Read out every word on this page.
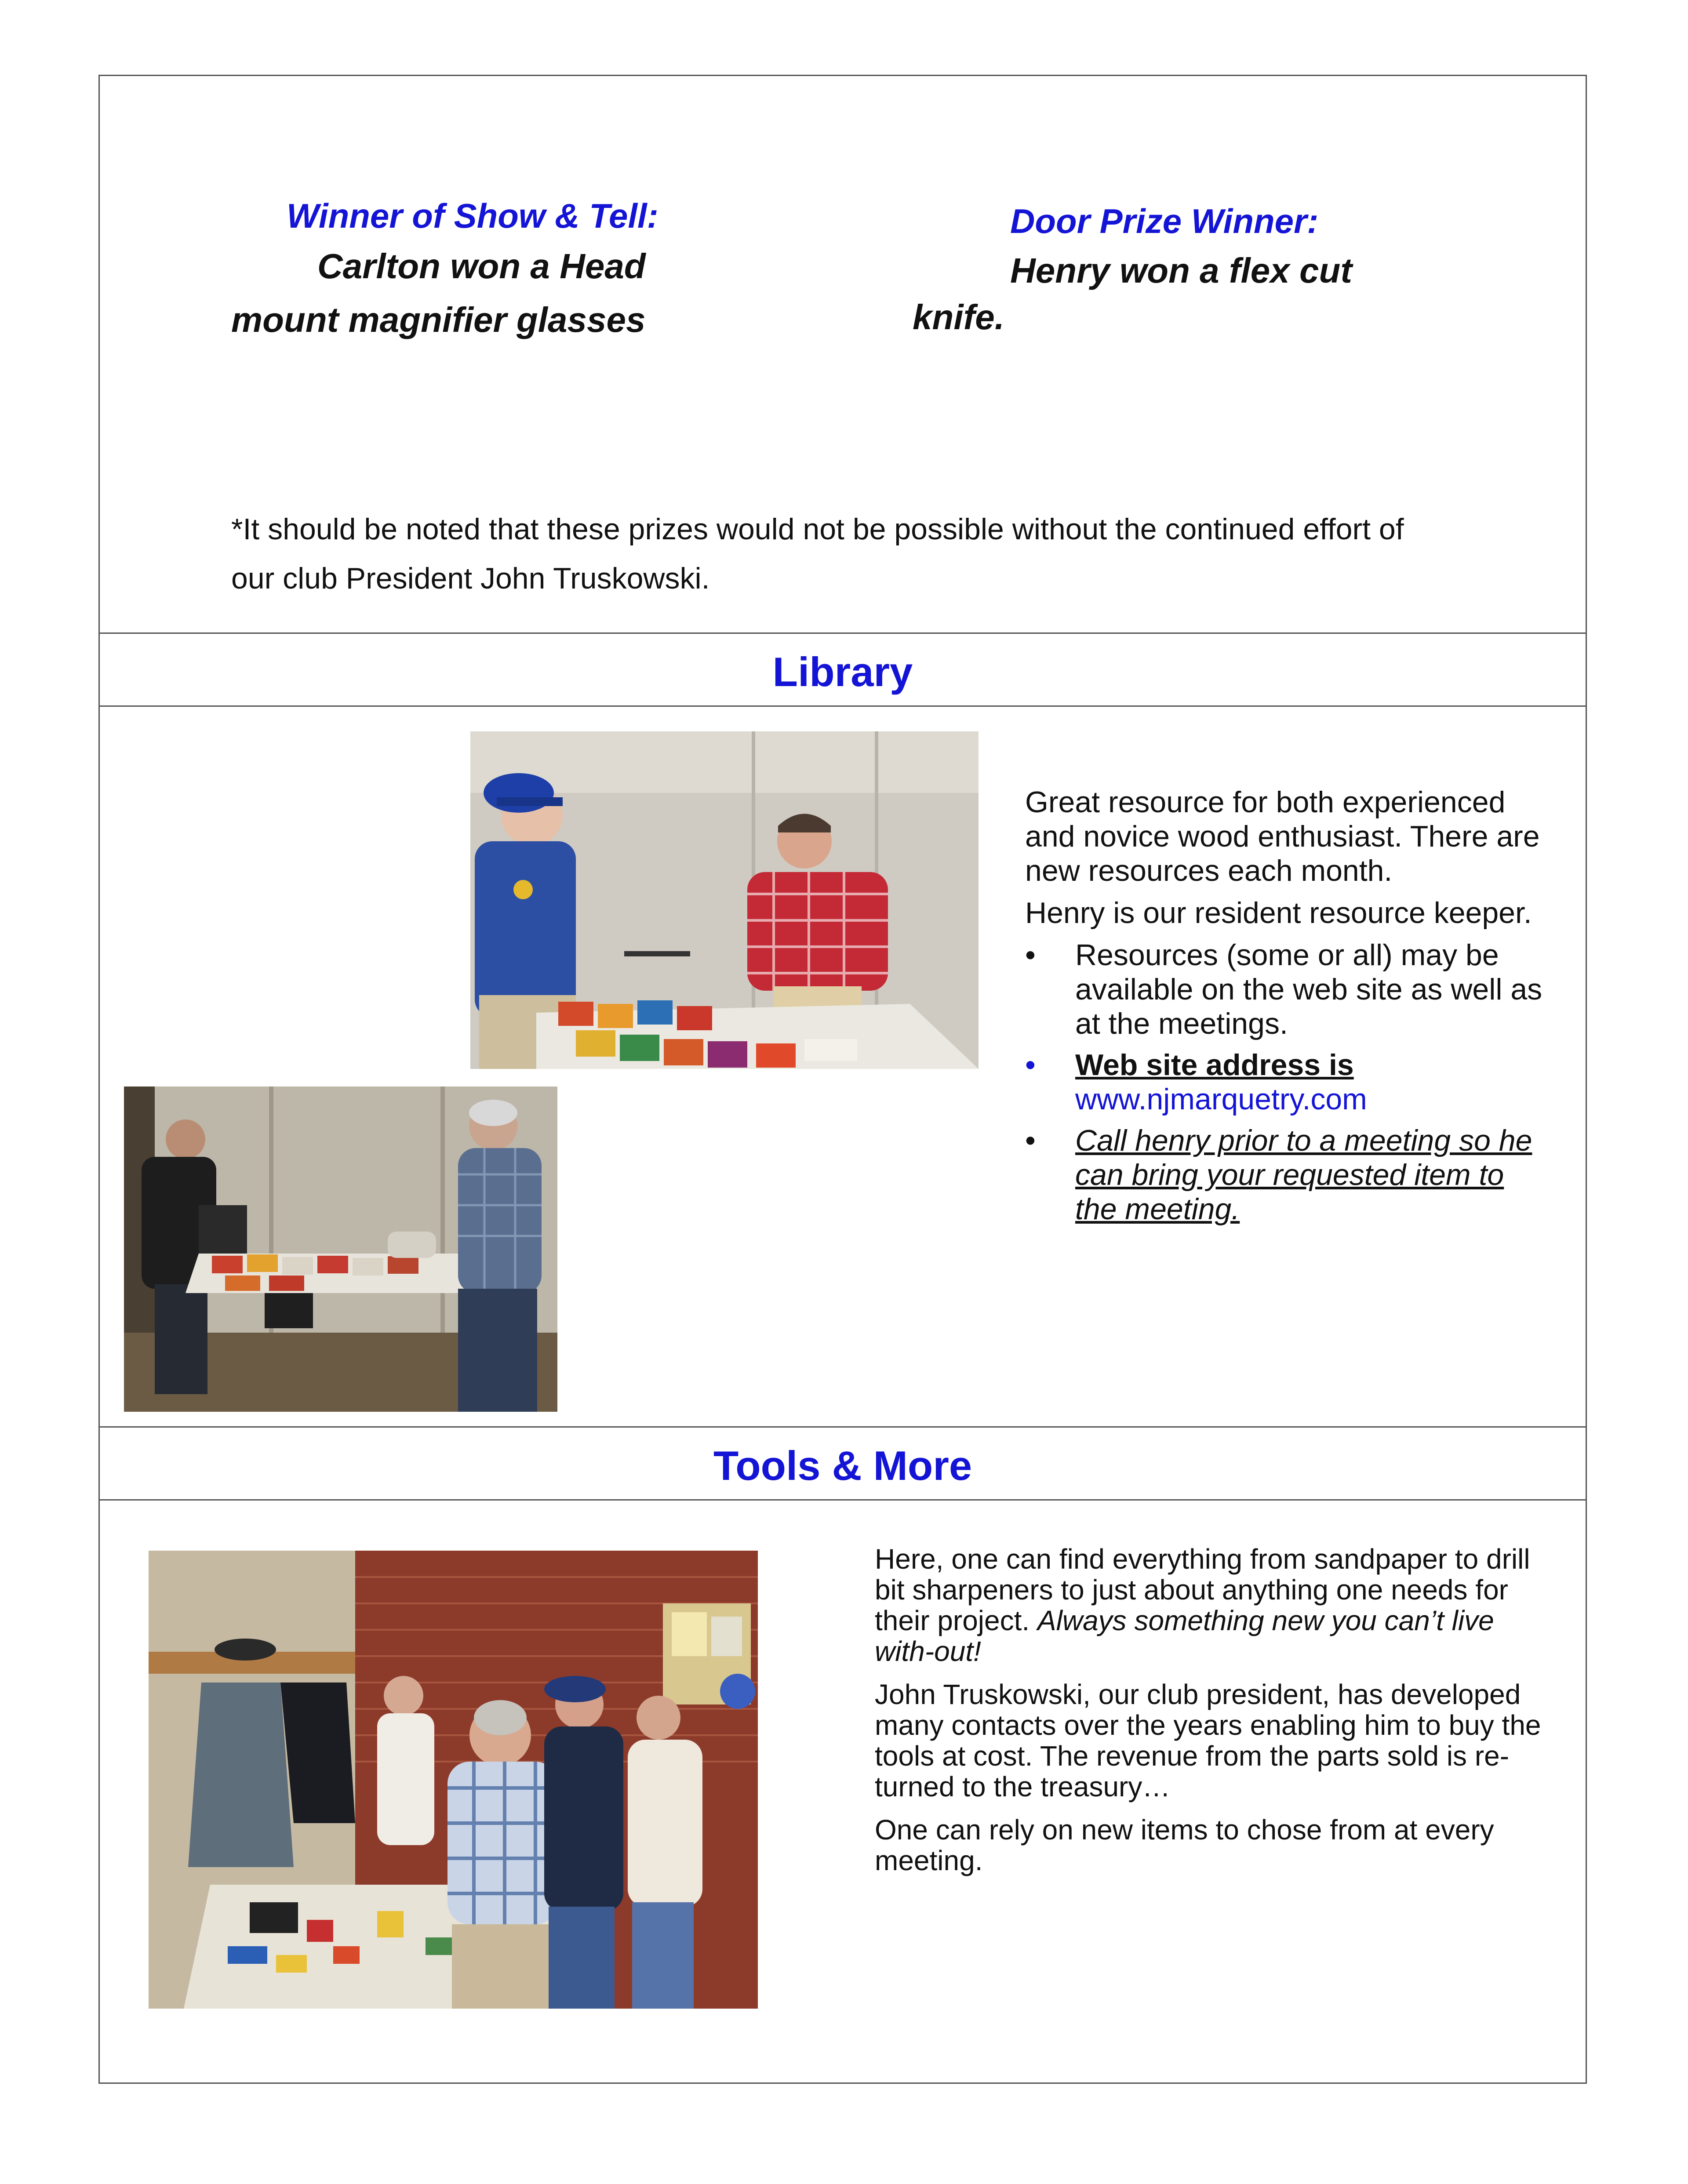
Winner of Show & Tell:
Carlton won a Head
mount magnifier glasses
Door Prize Winner:
Henry won a flex cut
knife.
*It should be noted that these prizes would not be possible without the continued effort of
our club President John Truskowski.
Library

Great resource for both experienced and novice wood enthusiast. There are new resources each month.

Henry is our resident resource keeper.

• Resources (some or all) may be available on the web site as well as at the meetings.
• Web site address is
www.njmarquetry.com
• Call henry prior to a meeting so he can bring your requested item to the meeting.
Tools & More

Here, one can find everything from sandpaper to drill bit sharpeners to just about anything one needs for their project. Always something new you can’t live with-out!

John Truskowski, our club president, has developed many contacts over the years enabling him to buy the tools at cost. The revenue from the parts sold is re-turned to the treasury…

One can rely on new items to chose from at every meeting.
